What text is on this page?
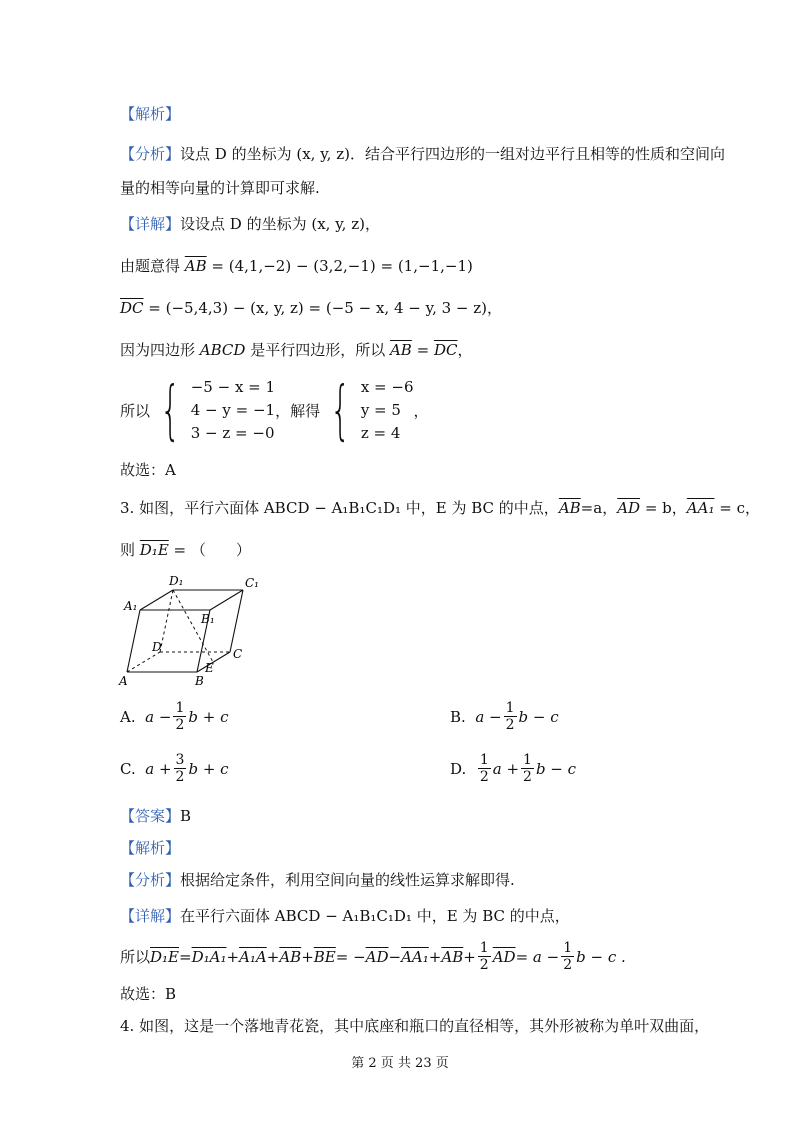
【解析】
【分析】设点 D 的坐标为 (x, y, z)．结合平行四边形的一组对边平行且相等的性质和空间向
量的相等向量的计算即可求解.
【详解】设设点 D 的坐标为 (x, y, z)，
由题意得 $\overline{AB} = (4,1,-2) - (3,2,-1) = (1,-1,-1)$
$\overline{DC} = (-5,4,3) - (x$, y, z) = (−5 − x, 4 − y, 3 − z)，
因为四边形 ABCD 是平行四边形，所以 $\overline{AB} = \overline{DC}$，
所以 { −5 − x = 1
4 − y = −1
3 − z = −0
，解得 { x = −6
y = 5
z = 4
，
故选：A
3. 如图，平行六面体 ABCD − A₁B₁C₁D₁ 中，E 为 BC 的中点，$\overline{AB}=a$，$\overline{AD} = b$，AA₁ = c，
则 D₁E = （　　）
D₁	C₁
A₁
B₁
D	C
E
A	B
A.
$a - \frac{1}{2}$ b + c	B.
$a - \frac{1}{2}$ b − c
C.
$a + \frac{3}{2}$ b + c	D.
$\frac{1}{2}$ $a + \frac{1}{2}$ b − c
【答案】B
【解析】
【分析】根据给定条件，利用空间向量的线性运算求解即得.
【详解】在平行六面体 ABCD − A₁B₁C₁D₁ 中，E 为 BC 的中点，
所以 $D_1E = D_1A_1 + A_1A + \overline{AB} + \overline{BE}$ = − $\overline{AD} - AA_1 + \overline{AB} + \frac{1}{2} \overline{AD} = a - \frac{1}{2}$ b − c .
故选：B
4. 如图，这是一个落地青花瓷，其中底座和瓶口的直径相等，其外形被称为单叶双曲面，
第 2 页 共 23 页
